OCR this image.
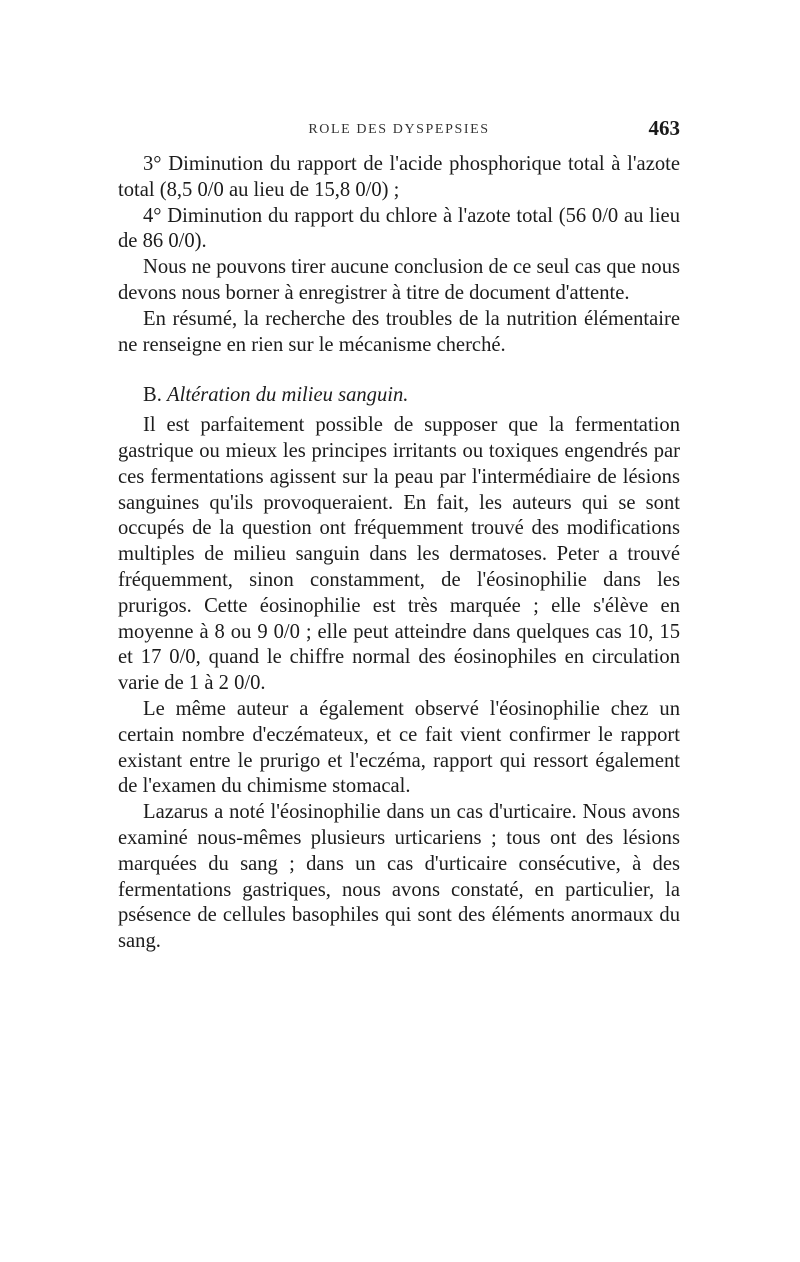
ROLE DES DYSPEPSIES	463

3° Diminution du rapport de l'acide phosphorique total à l'azote total (8,5 0/0 au lieu de 15,8 0/0) ;

4° Diminution du rapport du chlore à l'azote total (56 0/0 au lieu de 86 0/0).

Nous ne pouvons tirer aucune conclusion de ce seul cas que nous devons nous borner à enregistrer à titre de document d'attente.

En résumé, la recherche des troubles de la nutrition élémentaire ne renseigne en rien sur le mécanisme cherché.

B. Altération du milieu sanguin.

Il est parfaitement possible de supposer que la fermentation gastrique ou mieux les principes irritants ou toxiques engendrés par ces fermentations agissent sur la peau par l'intermédiaire de lésions sanguines qu'ils provoqueraient. En fait, les auteurs qui se sont occupés de la question ont fréquemment trouvé des modifications multiples de milieu sanguin dans les dermatoses. Peter a trouvé fréquemment, sinon constamment, de l'éosinophilie dans les prurigos. Cette éosinophilie est très marquée ; elle s'élève en moyenne à 8 ou 9 0/0 ; elle peut atteindre dans quelques cas 10, 15 et 17 0/0, quand le chiffre normal des éosinophiles en circulation varie de 1 à 2 0/0.

Le même auteur a également observé l'éosinophilie chez un certain nombre d'eczémateux, et ce fait vient confirmer le rapport existant entre le prurigo et l'eczéma, rapport qui ressort également de l'examen du chimisme stomacal.

Lazarus a noté l'éosinophilie dans un cas d'urticaire. Nous avons examiné nous-mêmes plusieurs urticariens ; tous ont des lésions marquées du sang ; dans un cas d'urticaire consécutive, à des fermentations gastriques, nous avons constaté, en particulier, la psésence de cellules basophiles qui sont des éléments anormaux du sang.
